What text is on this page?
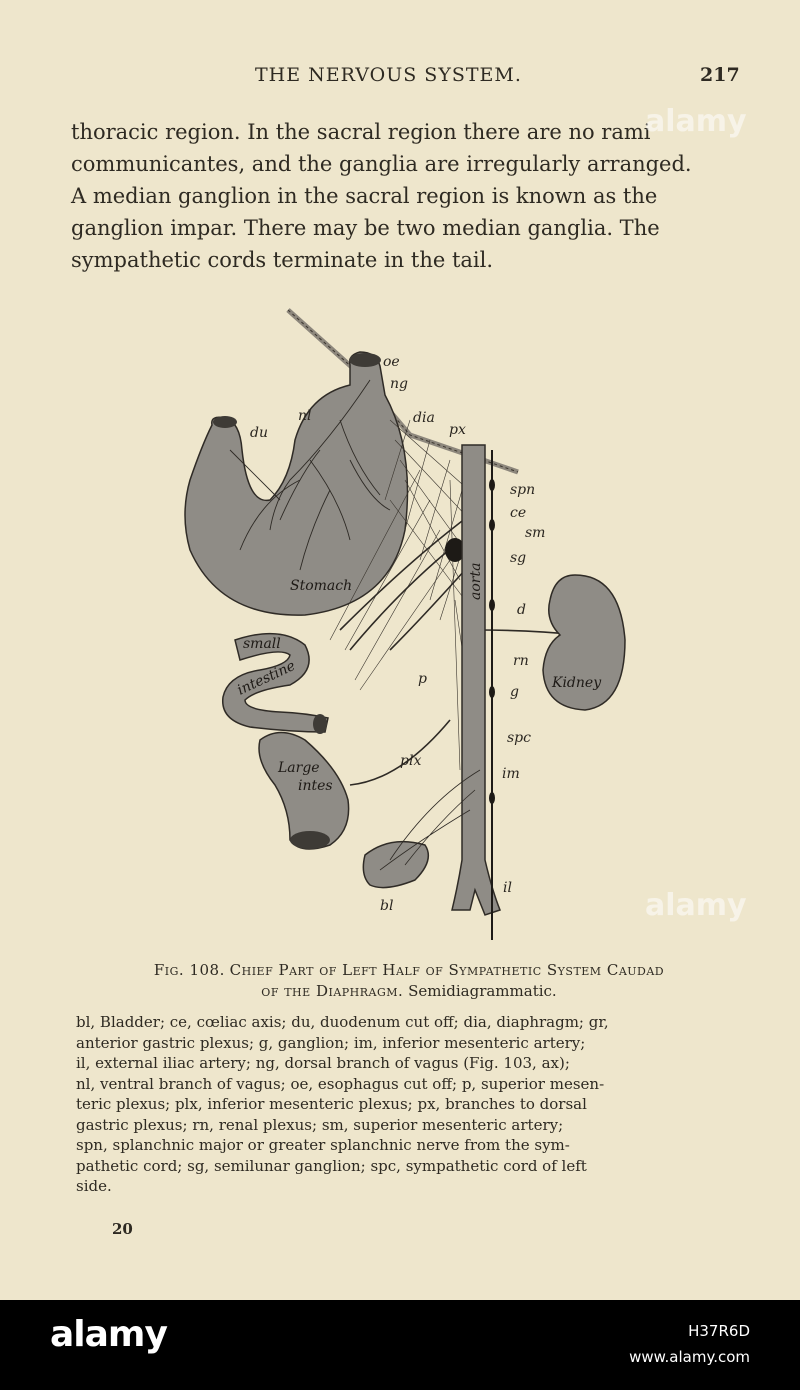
THE NERVOUS SYSTEM.	217
thoracic region. In the sacral region there are no rami
communicantes, and the ganglia are irregularly arranged.
A median ganglion in the sacral region is known as the
ganglion impar. There may be two median ganglia. The
sympathetic cords terminate in the tail.
aorta
Kidney
small
intestine
Large
intes
Stomach
oe
ng
nl	dia
px
du
spn
ce
sm
sg
d
rn
g
spc
im
plx
il
bl
p
Fig. 108. Chief Part of Left Half of Sympathetic System Caudad
of the Diaphragm. Semidiagrammatic.
bl, Bladder; ce, cœliac axis; du, duodenum cut off; dia, diaphragm; gr,
anterior gastric plexus; g, ganglion; im, inferior mesenteric artery;
il, external iliac artery; ng, dorsal branch of vagus (Fig. 103, ax);
nl, ventral branch of vagus; oe, esophagus cut off; p, superior mesen-
teric plexus; plx, inferior mesenteric plexus; px, branches to dorsal
gastric plexus; rn, renal plexus; sm, superior mesenteric artery;
spn, splanchnic major or greater splanchnic nerve from the sym-
pathetic cord; sg, semilunar ganglion; spc, sympathetic cord of left
side.
20
alamy
alamy
alamy	H37R6D
www.alamy.com
